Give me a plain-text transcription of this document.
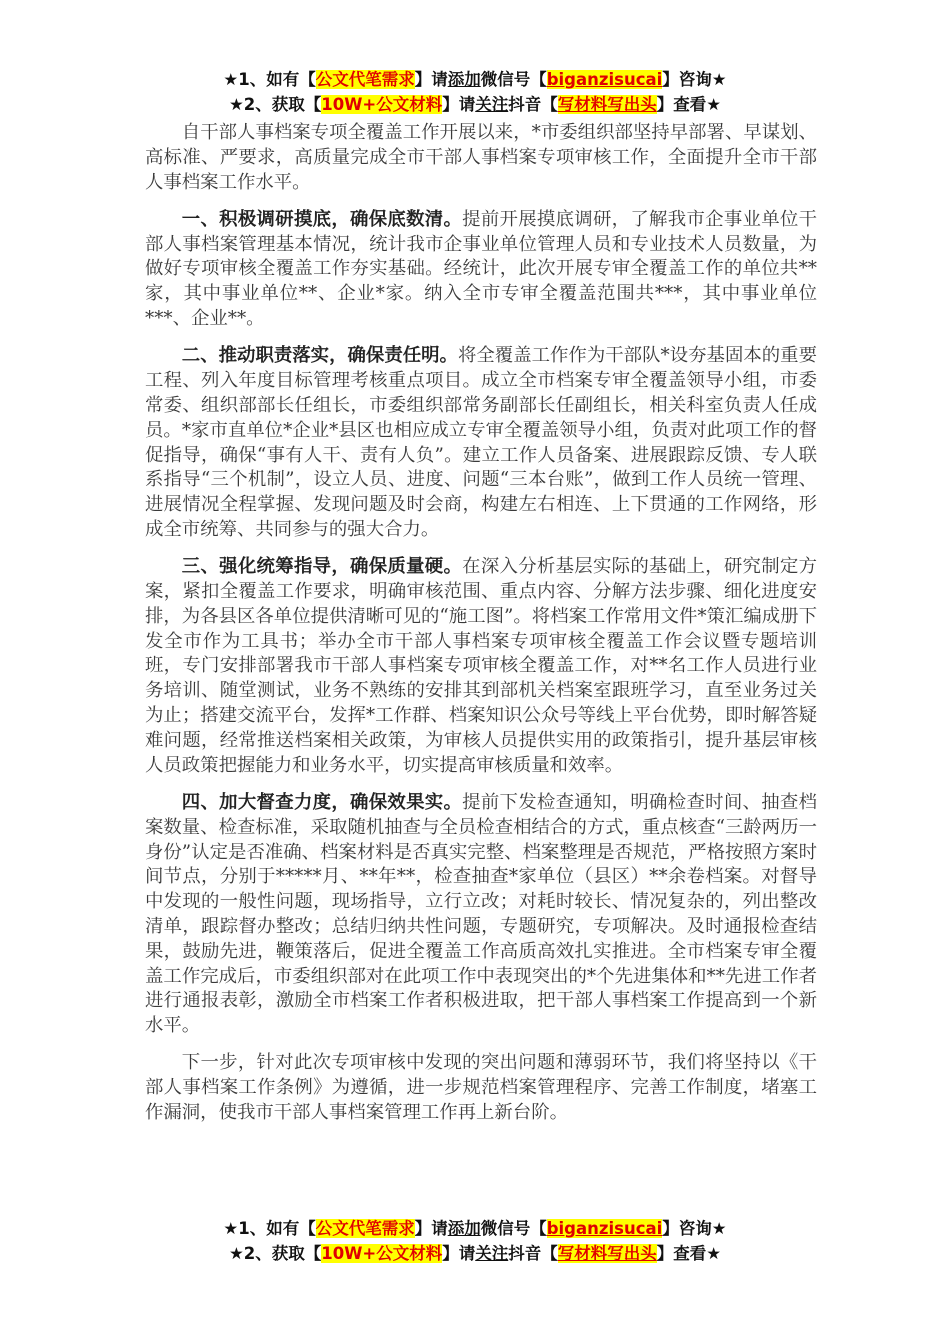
★1、如有【公文代笔需求】请添加微信号【biganzisucai】咨询★
★2、获取【10W+公文材料】请关注抖音【写材料写出头】查看★

自干部人事档案专项全覆盖工作开展以来，*市委组织部坚持早部署、早谋划、高标准、严要求，高质量完成全市干部人事档案专项审核工作，全面提升全市干部人事档案工作水平。

一、积极调研摸底，确保底数清。提前开展摸底调研，了解我市企事业单位干部人事档案管理基本情况，统计我市企事业单位管理人员和专业技术人员数量，为做好专项审核全覆盖工作夯实基础。经统计，此次开展专审全覆盖工作的单位共**家，其中事业单位**、企业*家。纳入全市专审全覆盖范围共***，其中事业单位***、企业**。

二、推动职责落实，确保责任明。将全覆盖工作作为干部队*设夯基固本的重要工程、列入年度目标管理考核重点项目。成立全市档案专审全覆盖领导小组，市委常委、组织部部长任组长，市委组织部常务副部长任副组长，相关科室负责人任成员。*家市直单位*企业*县区也相应成立专审全覆盖领导小组，负责对此项工作的督促指导，确保“事有人干、责有人负”。建立工作人员备案、进展跟踪反馈、专人联系指导“三个机制”，设立人员、进度、问题“三本台账”，做到工作人员统一管理、进展情况全程掌握、发现问题及时会商，构建左右相连、上下贯通的工作网络，形成全市统筹、共同参与的强大合力。

三、强化统筹指导，确保质量硬。在深入分析基层实际的基础上，研究制定方案，紧扣全覆盖工作要求，明确审核范围、重点内容、分解方法步骤、细化进度安排，为各县区各单位提供清晰可见的“施工图”。将档案工作常用文件*策汇编成册下发全市作为工具书；举办全市干部人事档案专项审核全覆盖工作会议暨专题培训班，专门安排部署我市干部人事档案专项审核全覆盖工作，对**名工作人员进行业务培训、随堂测试，业务不熟练的安排其到部机关档案室跟班学习，直至业务过关为止；搭建交流平台，发挥*工作群、档案知识公众号等线上平台优势，即时解答疑难问题，经常推送档案相关政策，为审核人员提供实用的政策指引，提升基层审核人员政策把握能力和业务水平，切实提高审核质量和效率。

四、加大督查力度，确保效果实。提前下发检查通知，明确检查时间、抽查档案数量、检查标准，采取随机抽查与全员检查相结合的方式，重点核查“三龄两历一身份”认定是否准确、档案材料是否真实完整、档案整理是否规范，严格按照方案时间节点，分别于*****月、**年**，检查抽查*家单位（县区）**余卷档案。对督导中发现的一般性问题，现场指导，立行立改；对耗时较长、情况复杂的，列出整改清单，跟踪督办整改；总结归纳共性问题，专题研究，专项解决。及时通报检查结果，鼓励先进，鞭策落后，促进全覆盖工作高质高效扎实推进。全市档案专审全覆盖工作完成后，市委组织部对在此项工作中表现突出的*个先进集体和**先进工作者进行通报表彰，激励全市档案工作者积极进取，把干部人事档案工作提高到一个新水平。

下一步，针对此次专项审核中发现的突出问题和薄弱环节，我们将坚持以《干部人事档案工作条例》为遵循，进一步规范档案管理程序、完善工作制度，堵塞工作漏洞，使我市干部人事档案管理工作再上新台阶。

★1、如有【公文代笔需求】请添加微信号【biganzisucai】咨询★
★2、获取【10W+公文材料】请关注抖音【写材料写出头】查看★
